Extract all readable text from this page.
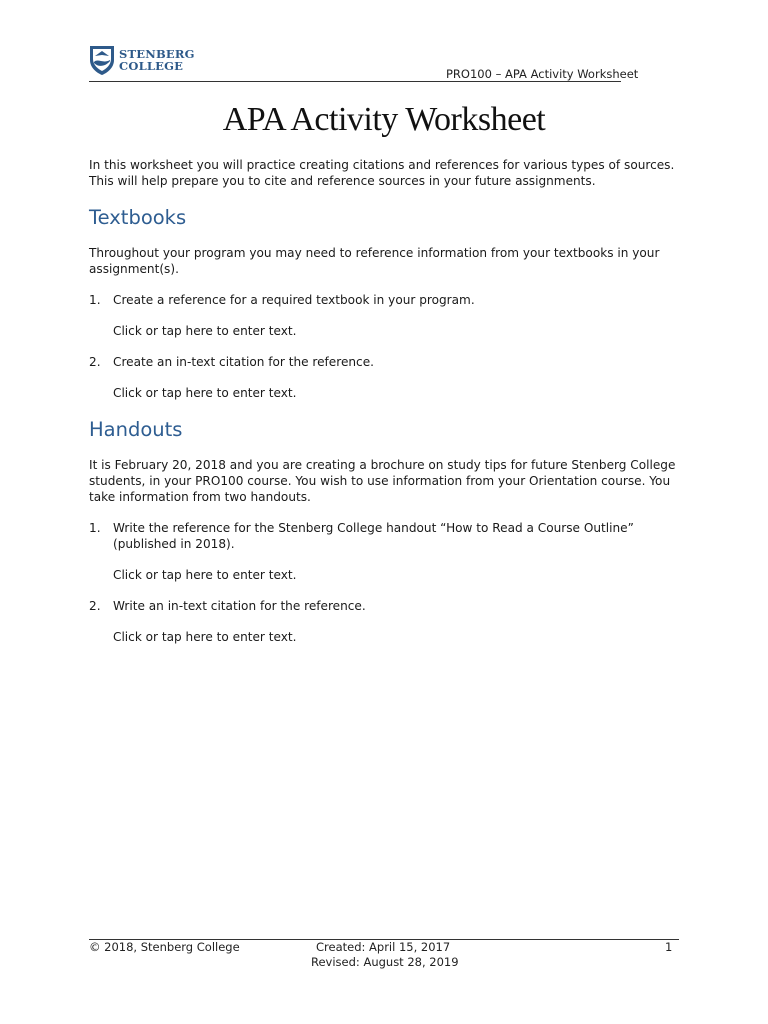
STENBERG
COLLEGE
PRO100 – APA Activity Worksheet
APA Activity Worksheet
In this worksheet you will practice creating citations and references for various types of sources. This will help prepare you to cite and reference sources in your future assignments.
Textbooks
Throughout your program you may need to reference information from your textbooks in your assignment(s).
1.	Create a reference for a required textbook in your program.
Click or tap here to enter text.
2.	Create an in-text citation for the reference.
Click or tap here to enter text.
Handouts
It is February 20, 2018 and you are creating a brochure on study tips for future Stenberg College students, in your PRO100 course. You wish to use information from your Orientation course. You take information from two handouts.
1.	Write the reference for the Stenberg College handout “How to Read a Course Outline” (published in 2018).
Click or tap here to enter text.
2.	Write an in-text citation for the reference.
Click or tap here to enter text.
© 2018, Stenberg College	Created: April 15, 2017
Revised: August 28, 2019
1
